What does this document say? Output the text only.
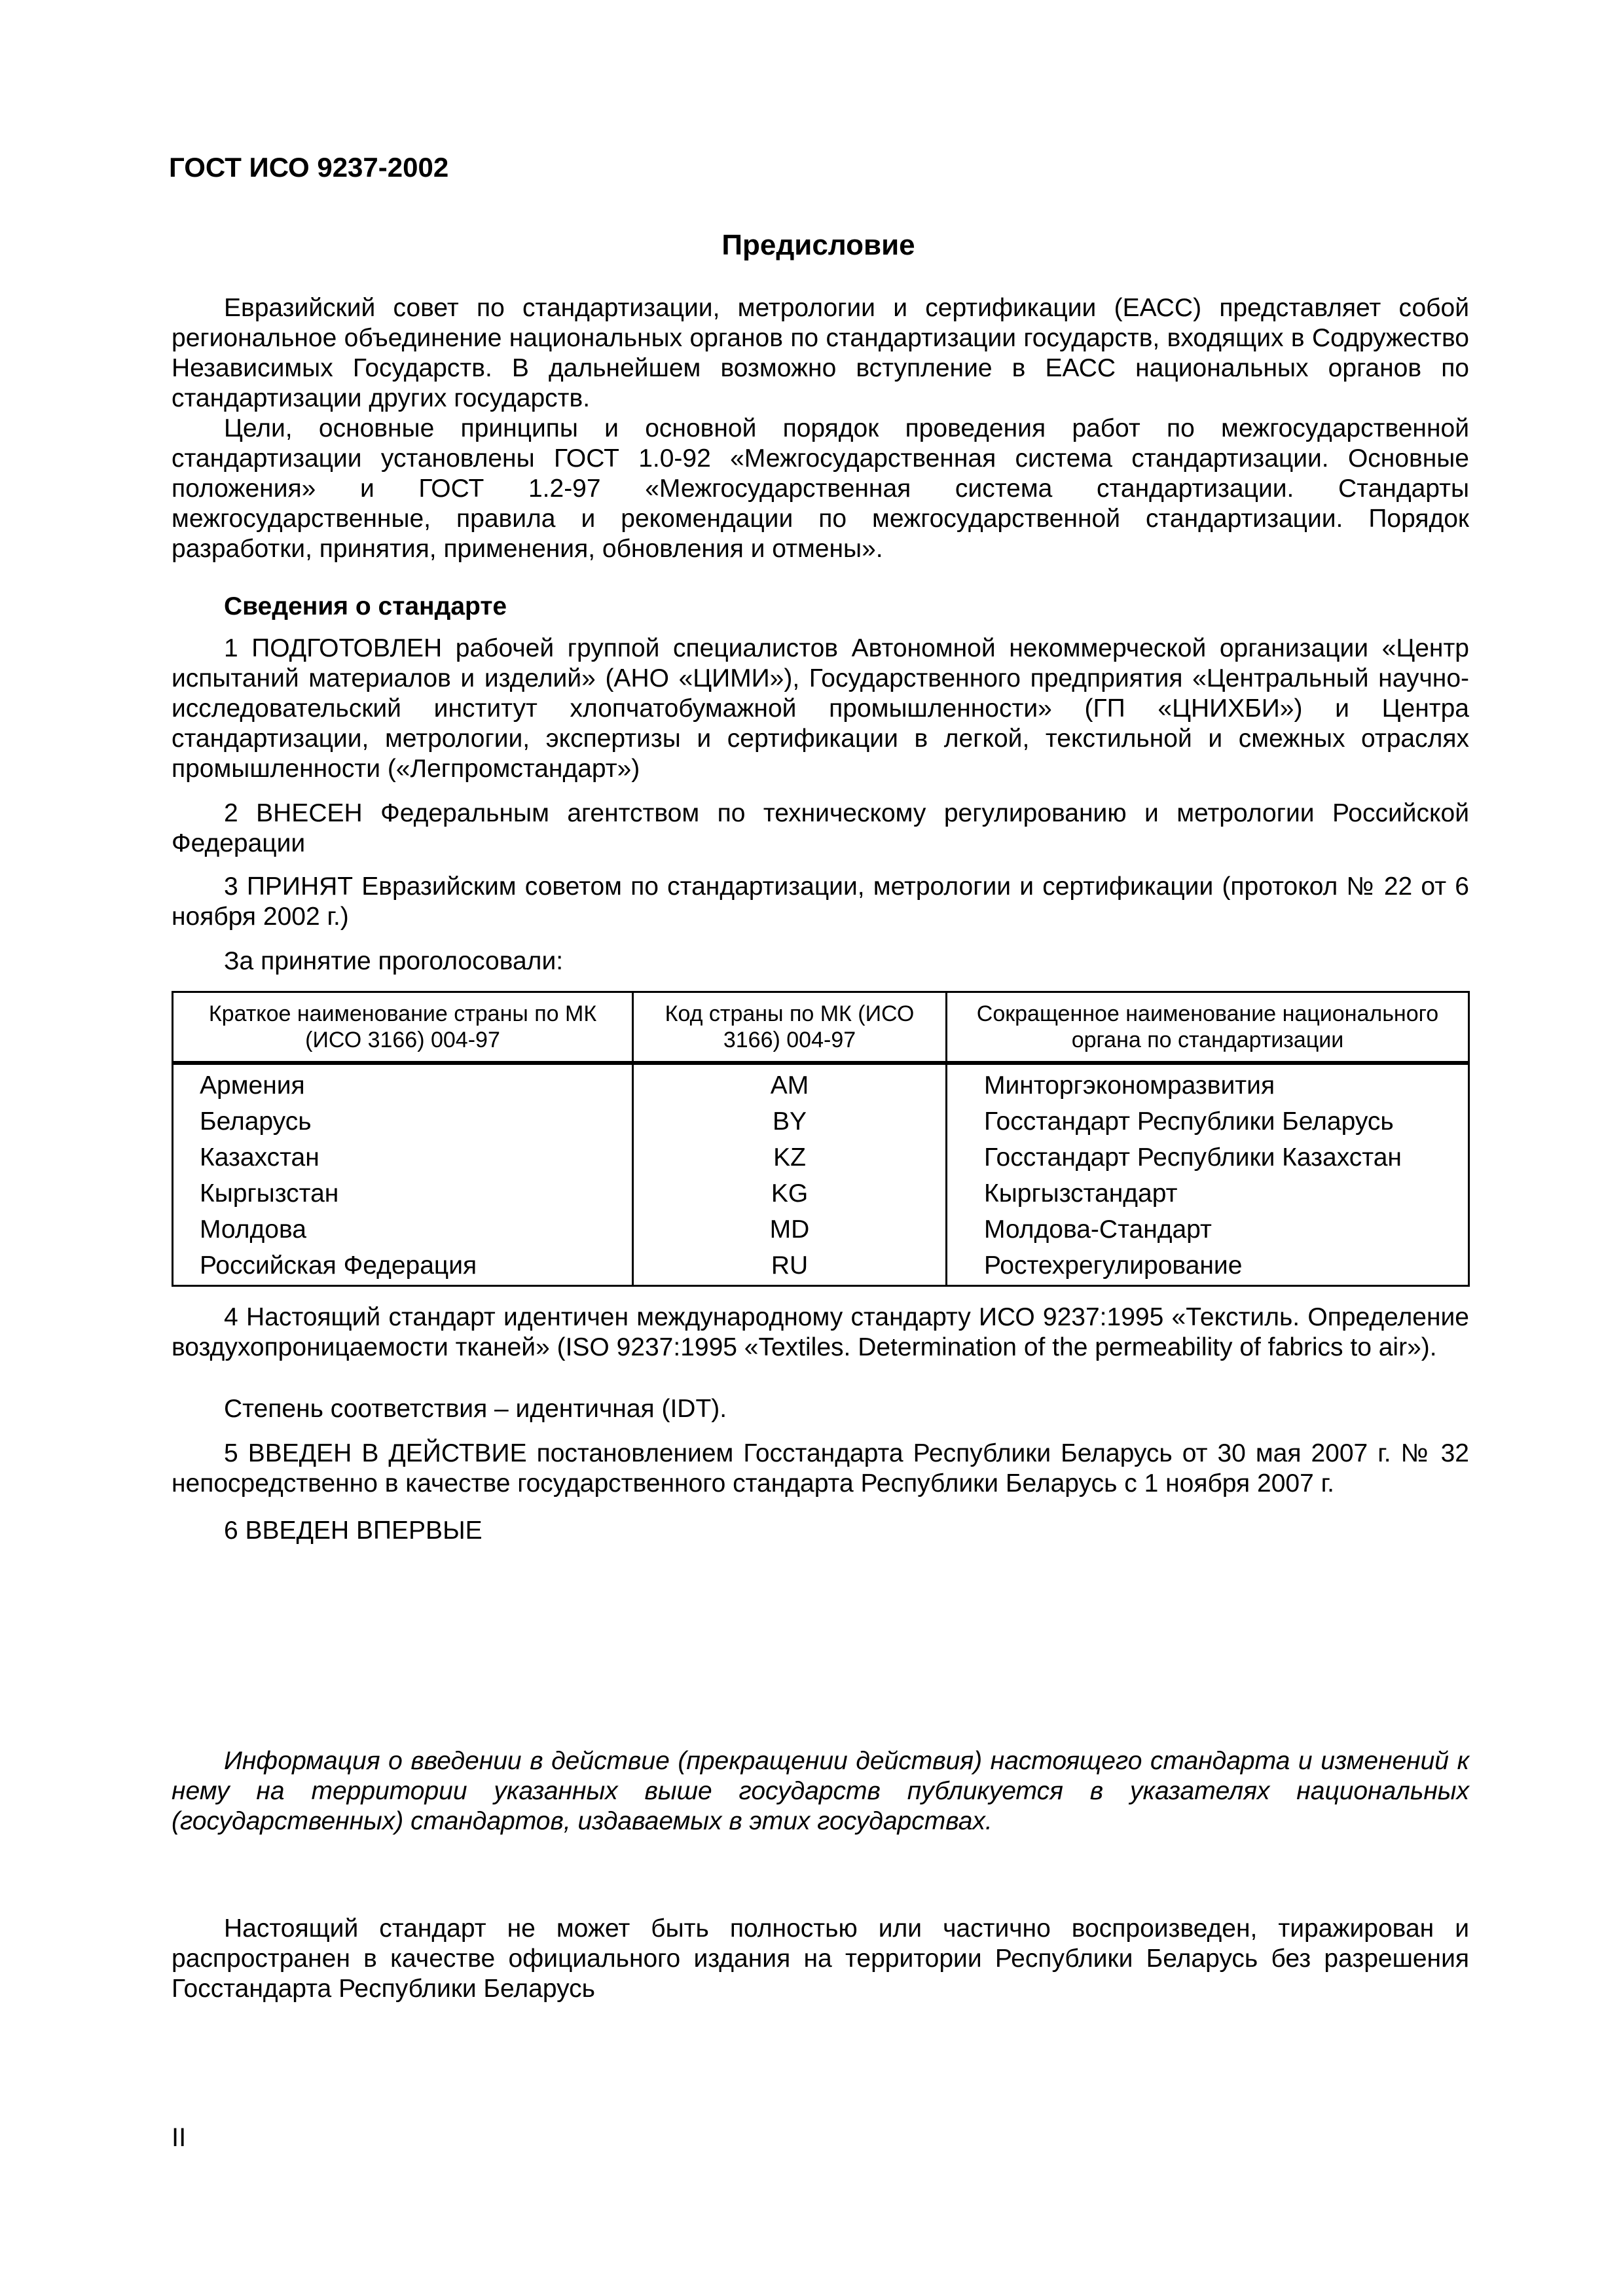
ГОСТ ИСО 9237-2002
Предисловие

Евразийский совет по стандартизации, метрологии и сертификации (ЕАСС) представляет собой региональное объединение национальных органов по стандартизации государств, входящих в Содружество Независимых Государств. В дальнейшем возможно вступление в ЕАСС национальных органов по стандартизации других государств.

Цели, основные принципы и основной порядок проведения работ по межгосударственной стандартизации установлены ГОСТ 1.0-92 «Межгосударственная система стандартизации. Основные положения» и ГОСТ 1.2-97 «Межгосударственная система стандартизации. Стандарты межгосударственные, правила и рекомендации по межгосударственной стандартизации. Порядок разработки, принятия, применения, обновления и отмены».

Сведения о стандарте

1 ПОДГОТОВЛЕН рабочей группой специалистов Автономной некоммерческой организации «Центр испытаний материалов и изделий» (АНО «ЦИМИ»), Государственного предприятия «Центральный научно-исследовательский институт хлопчатобумажной промышленности» (ГП «ЦНИХБИ») и Центра стандартизации, метрологии, экспертизы и сертификации в легкой, текстильной и смежных отраслях промышленности («Легпромстандарт»)

2 ВНЕСЕН Федеральным агентством по техническому регулированию и метрологии Российской Федерации

3 ПРИНЯТ Евразийским советом по стандартизации, метрологии и сертификации (протокол № 22 от 6 ноября 2002 г.)

За принятие проголосовали:
Краткое наименование страны по МК (ИСО 3166) 004-97	Код страны по МК (ИСО 3166) 004-97	Сокращенное наименование национального органа по стандартизации
Армения	AM	Минторгэкономразвития
Беларусь	BY	Госстандарт Республики Беларусь
Казахстан	KZ	Госстандарт Республики Казахстан
Кыргызстан	KG	Кыргызстандарт
Молдова	MD	Молдова-Стандарт
Российская Федерация	RU	Ростехрегулирование

4 Настоящий стандарт идентичен международному стандарту ИСО 9237:1995 «Текстиль. Определение воздухопроницаемости тканей» (ISO 9237:1995 «Textiles. Determination of the permeability of fabrics to air»).

Степень соответствия – идентичная (IDT).

5 ВВЕДЕН В ДЕЙСТВИЕ постановлением Госстандарта Республики Беларусь от 30 мая 2007 г. № 32 непосредственно в качестве государственного стандарта Республики Беларусь с 1 ноября 2007 г.

6 ВВЕДЕН ВПЕРВЫЕ

Информация о введении в действие (прекращении действия) настоящего стандарта и изменений к нему на территории указанных выше государств публикуется в указателях национальных (государственных) стандартов, издаваемых в этих государствах.

Настоящий стандарт не может быть полностью или частично воспроизведен, тиражирован и распространен в качестве официального издания на территории Республики Беларусь без разрешения Госстандарта Республики Беларусь

II
